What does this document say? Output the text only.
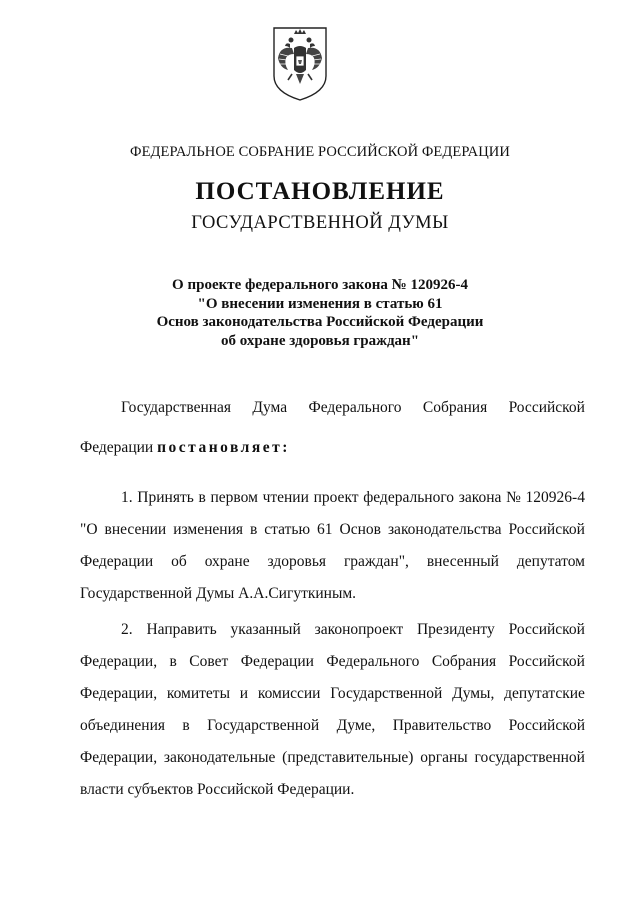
ФЕДЕРАЛЬНОЕ СОБРАНИЕ РОССИЙСКОЙ ФЕДЕРАЦИИ
ПОСТАНОВЛЕНИЕ
ГОСУДАРСТВЕННОЙ ДУМЫ
О проекте федерального закона № 120926-4
"О внесении изменения в статью 61
Основ законодательства Российской Федерации
об охране здоровья граждан"
Государственная Дума Федерального Собрания Российской
Федерации постановляет:
1. Принять в первом чтении проект федерального закона № 120926-4
"О внесении изменения в статью 61 Основ законодательства Российской
Федерации об охране здоровья граждан", внесенный депутатом
Государственной Думы А.А.Сигуткиным.
2. Направить указанный законопроект Президенту Российской
Федерации, в Совет Федерации Федерального Собрания Российской
Федерации, комитеты и комиссии Государственной Думы, депутатские
объединения в Государственной Думе, Правительство Российской
Федерации, законодательные (представительные) органы государственной
власти субъектов Российской Федерации.
